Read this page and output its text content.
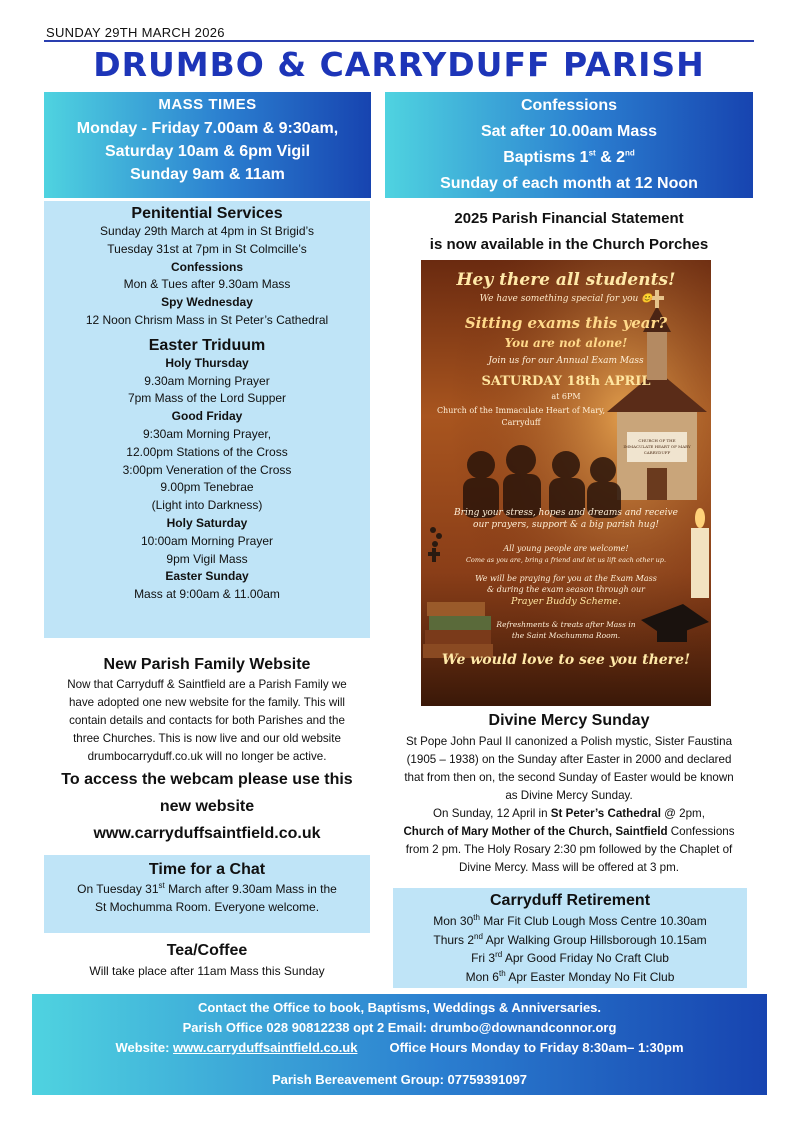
SUNDAY 29TH MARCH 2026
DRUMBO & CARRYDUFF PARISH
MASS TIMES
Monday - Friday 7.00am & 9:30am,
Saturday 10am & 6pm Vigil
Sunday 9am & 11am
Confessions
Sat after 10.00am Mass
Baptisms 1st & 2nd
Sunday of each month at 12 Noon
Penitential Services
Sunday 29th March at 4pm in St Brigid’s
Tuesday 31st at 7pm in St Colmcille’s
Confessions
Mon & Tues after 9.30am Mass
Spy Wednesday
12 Noon Chrism Mass in St Peter’s Cathedral
Easter Triduum
Holy Thursday
9.30am Morning Prayer
7pm Mass of the Lord Supper
Good Friday
9:30am Morning Prayer,
12.00pm Stations of the Cross
3:00pm Veneration of the Cross
9.00pm Tenebrae
(Light into Darkness)
Holy Saturday
10:00am Morning Prayer
9pm Vigil Mass
Easter Sunday
Mass at 9:00am & 11.00am
2025 Parish Financial Statement
is now available in the Church Porches
Hey there all students!
We have something special for you 😊
Sitting exams this year?
You are not alone!
Join us for our Annual Exam Mass
SATURDAY 18th APRIL
at 6PM
Church of the Immaculate Heart of Mary,
Carryduff
CHURCH OF THE
IMMACULATE HEART OF MARY
CARRYDUFF
Bring your stress, hopes and dreams and receive
our prayers, support & a big parish hug!
All young people are welcome!
Come as you are, bring a friend and let us lift each other up.
We will be praying for you at the Exam Mass
& during the exam season through our
Prayer Buddy Scheme.
Refreshments & treats after Mass in
the Saint Mochumma Room.
We would love to see you there!
New Parish Family Website
Now that Carryduff & Saintfield are a Parish Family we
have adopted one new website for the family. This will
contain details and contacts for both Parishes and the
three Churches. This is now live and our old website
drumbocarryduff.co.uk will no longer be active.
To access the webcam please use this
new website
www.carryduffsaintfield.co.uk
Time for a Chat
On Tuesday 31st March after 9.30am Mass in the
St Mochumma Room. Everyone welcome.
Tea/Coffee
Will take place after 11am Mass this Sunday
Divine Mercy Sunday
St Pope John Paul II canonized a Polish mystic, Sister Faustina
(1905 – 1938) on the Sunday after Easter in 2000 and declared
that from then on, the second Sunday of Easter would be known
as Divine Mercy Sunday.
On Sunday, 12 April in St Peter’s Cathedral @ 2pm,
Church of Mary Mother of the Church, Saintfield Confessions
from 2 pm. The Holy Rosary 2:30 pm followed by the Chaplet of
Divine Mercy. Mass will be offered at 3 pm.
Carryduff Retirement
Mon 30th Mar Fit Club Lough Moss Centre 10.30am
Thurs 2nd Apr Walking Group Hillsborough 10.15am
Fri 3rd Apr Good Friday No Craft Club
Mon 6th Apr Easter Monday No Fit Club
Contact the Office to book, Baptisms, Weddings & Anniversaries.
Parish Office 028 90812238 opt 2 Email: drumbo@downandconnor.org
Website: www.carryduffsaintfield.co.uk Office Hours Monday to Friday 8:30am– 1:30pm
Parish Bereavement Group: 07759391097
